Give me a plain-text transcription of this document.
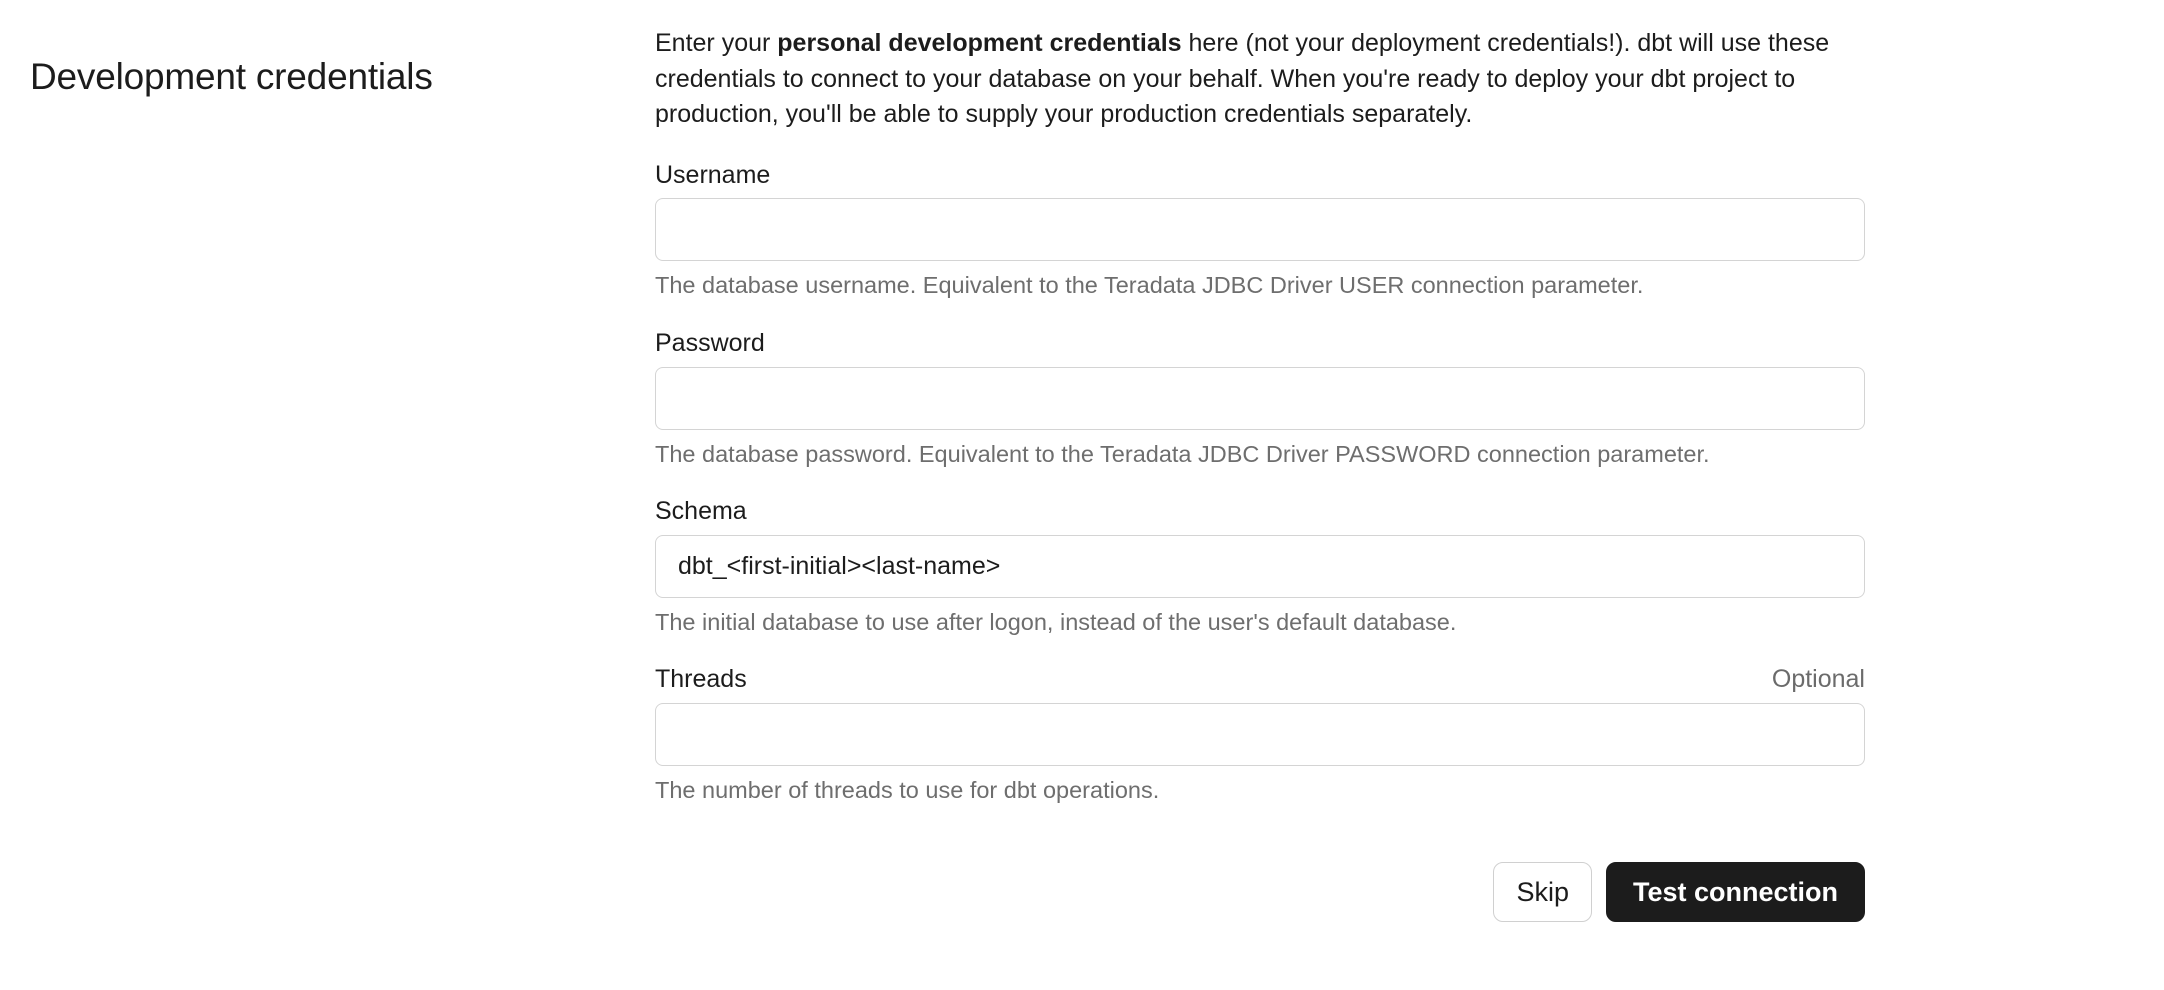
Development credentials

Enter your personal development credentials here (not your deployment credentials!). dbt will use these credentials to connect to your database on your behalf. When you're ready to deploy your dbt project to production, you'll be able to supply your production credentials separately.

Username
The database username. Equivalent to the Teradata JDBC Driver USER connection parameter.
Password
The database password. Equivalent to the Teradata JDBC Driver PASSWORD connection parameter.
Schema
dbt_<first-initial><last-name>
The initial database to use after logon, instead of the user's default database.
Threads	Optional
The number of threads to use for dbt operations.
Skip	Test connection
